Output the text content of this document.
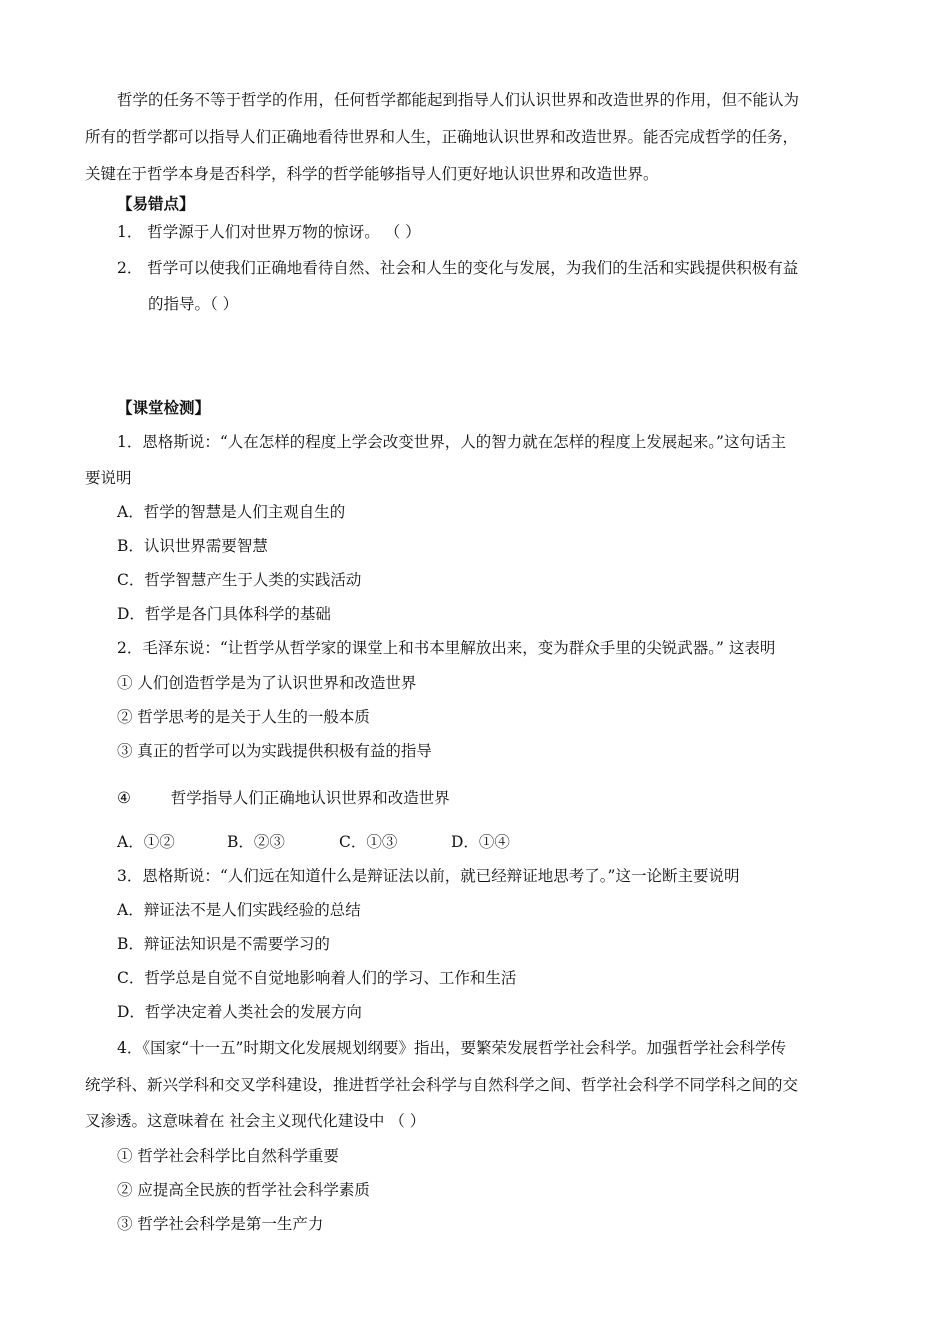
哲学的任务不等于哲学的作用，任何哲学都能起到指导人们认识世界和改造世界的作用，但不能认为
所有的哲学都可以指导人们正确地看待世界和人生，正确地认识世界和改造世界。能否完成哲学的任务，
关键在于哲学本身是否科学，科学的哲学能够指导人们更好地认识世界和改造世界。
【易错点】
1． 哲学源于人们对世界万物的惊讶。 （ ）
2． 哲学可以使我们正确地看待自然、社会和人生的变化与发展，为我们的生活和实践提供积极有益
的指导。（ ）
【课堂检测】
1．恩格斯说：“人在怎样的程度上学会改变世界，人的智力就在怎样的程度上发展起来。”这句话主
要说明
A．哲学的智慧是人们主观自生的
B．认识世界需要智慧
C．哲学智慧产生于人类的实践活动
D．哲学是各门具体科学的基础
2．毛泽东说：“让哲学从哲学家的课堂上和书本里解放出来，变为群众手里的尖锐武器。” 这表明
① 人们创造哲学是为了认识世界和改造世界
② 哲学思考的是关于人生的一般本质
③ 真正的哲学可以为实践提供积极有益的指导
④	哲学指导人们正确地认识世界和改造世界
A．①②	B．②③	C．①③	D．①④
3．恩格斯说：“人们远在知道什么是辩证法以前，就已经辩证地思考了。”这一论断主要说明
A．辩证法不是人们实践经验的总结
B．辩证法知识是不需要学习的
C．哲学总是自觉不自觉地影响着人们的学习、工作和生活
D．哲学决定着人类社会的发展方向
4．《国家“十一五”时期文化发展规划纲要》指出，要繁荣发展哲学社会科学。加强哲学社会科学传
统学科、新兴学科和交叉学科建设，推进哲学社会科学与自然科学之间、哲学社会科学不同学科之间的交
叉渗透。这意味着在 社会主义现代化建设中 （ ）
① 哲学社会科学比自然科学重要
② 应提高全民族的哲学社会科学素质
③ 哲学社会科学是第一生产力
